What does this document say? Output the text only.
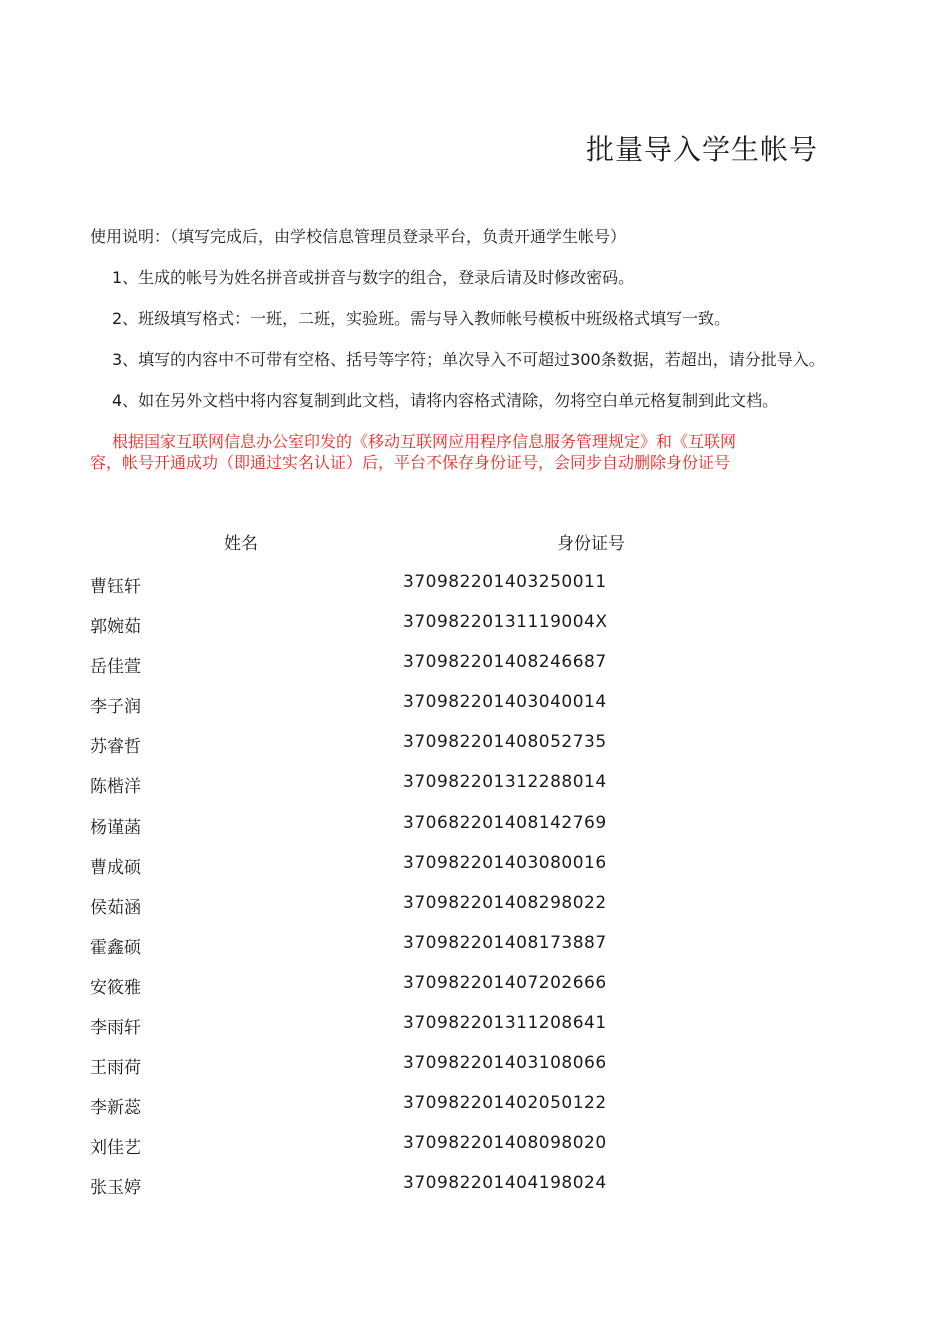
批量导入学生帐号
使用说明：（填写完成后，由学校信息管理员登录平台，负责开通学生帐号）
1、生成的帐号为姓名拼音或拼音与数字的组合，登录后请及时修改密码。
2、班级填写格式：一班，二班，实验班。需与导入教师帐号模板中班级格式填写一致。
3、填写的内容中不可带有空格、括号等字符；单次导入不可超过300条数据，若超出，请分批导入。
4、如在另外文档中将内容复制到此文档，请将内容格式清除，勿将空白单元格复制到此文档。
根据国家互联网信息办公室印发的《移动互联网应用程序信息服务管理规定》和《互联网
容，帐号开通成功（即通过实名认证）后，平台不保存身份证号，会同步自动删除身份证号
姓名	身份证号
曹钰轩	370982201403250011
郭婉茹	37098220131119004X
岳佳萱	370982201408246687
李子润	370982201403040014
苏睿哲	370982201408052735
陈楷洋	370982201312288014
杨谨菡	370682201408142769
曹成硕	370982201403080016
侯茹涵	370982201408298022
霍鑫硕	370982201408173887
安筱雅	370982201407202666
李雨轩	370982201311208641
王雨荷	370982201403108066
李新蕊	370982201402050122
刘佳艺	370982201408098020
张玉婷	370982201404198024
